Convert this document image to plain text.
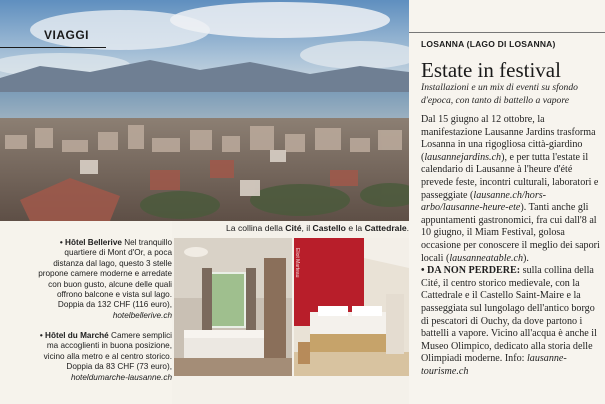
VIAGGI
LOSANNA (LAGO DI LOSANNA)
Estate in festival
Installazioni e un mix di eventi su sfondo d'epoca, con tanto di battello a vapore

Dal 15 giugno al 12 ottobre, la manifestazione Lausanne Jardins trasforma Losanna in una rigogliosa città-giardino (lausannejardins.ch), e per tutta l'estate il calendario di Lausanne à l'heure d'été prevede feste, incontri culturali, laboratori e passeggiate (lausanne.ch/hors-arbo/lausanne-heure-ete). Tanti anche gli appuntamenti gastronomici, fra cui dall'8 al 10 giugno, il Miam Festival, golosa occasione per conoscere il meglio dei sapori locali (lausanneatable.ch).

• DA NON PERDERE: sulla collina della Cité, il centro storico medievale, con la Cattedrale e il Castello Saint-Maire e la passeggiata sul lungolago dell'antico borgo di pescatori di Ouchy, da dove partono i battelli a vapore. Vicino all'acqua è anche il Museo Olimpico, dedicato alla storia delle Olimpiadi moderne. Info: lausanne-tourisme.ch

• Hôtel Bellerive Nel tranquillo quartiere di Mont d'Or, a poca distanza dal lago, questo 3 stelle propone camere moderne e arredate con buon gusto, alcune delle quali offrono balcone e vista sul lago. Doppia da 132 CHF (116 euro), hotelbellerive.ch
• Hôtel du Marché Camere semplici ma accoglienti in buona posizione, vicino alla metro e al centro storico. Doppia da 83 CHF (73 euro), hoteldumarche-lausanne.ch
La collina della Cité, il Castello e la Cattedrale.
Eliot Marteau
